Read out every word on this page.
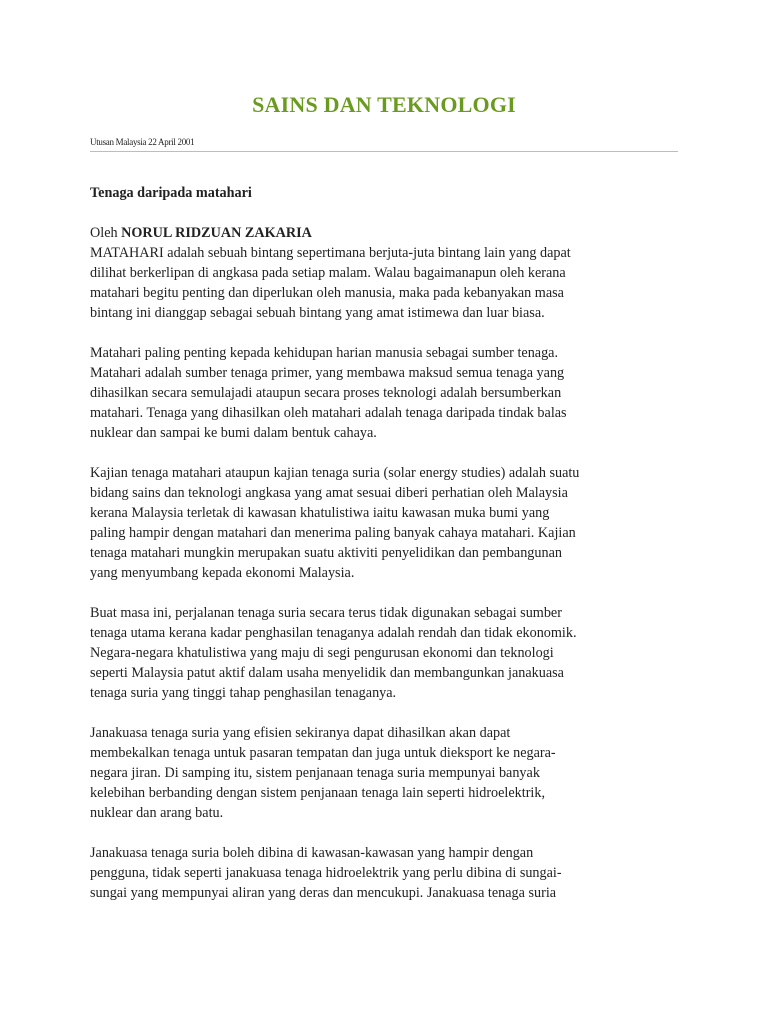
SAINS DAN TEKNOLOGI

Utusan Malaysia 22 April 2001

Tenaga daripada matahari

Oleh NORUL RIDZUAN ZAKARIA

MATAHARI adalah sebuah bintang sepertimana berjuta-juta bintang lain yang dapat
dilihat berkerlipan di angkasa pada setiap malam. Walau bagaimanapun oleh kerana
matahari begitu penting dan diperlukan oleh manusia, maka pada kebanyakan masa
bintang ini dianggap sebagai sebuah bintang yang amat istimewa dan luar biasa.

Matahari paling penting kepada kehidupan harian manusia sebagai sumber tenaga.
Matahari adalah sumber tenaga primer, yang membawa maksud semua tenaga yang
dihasilkan secara semulajadi ataupun secara proses teknologi adalah bersumberkan
matahari. Tenaga yang dihasilkan oleh matahari adalah tenaga daripada tindak balas
nuklear dan sampai ke bumi dalam bentuk cahaya.

Kajian tenaga matahari ataupun kajian tenaga suria (solar energy studies) adalah suatu
bidang sains dan teknologi angkasa yang amat sesuai diberi perhatian oleh Malaysia
kerana Malaysia terletak di kawasan khatulistiwa iaitu kawasan muka bumi yang
paling hampir dengan matahari dan menerima paling banyak cahaya matahari. Kajian
tenaga matahari mungkin merupakan suatu aktiviti penyelidikan dan pembangunan
yang menyumbang kepada ekonomi Malaysia.

Buat masa ini, perjalanan tenaga suria secara terus tidak digunakan sebagai sumber
tenaga utama kerana kadar penghasilan tenaganya adalah rendah dan tidak ekonomik.
Negara-negara khatulistiwa yang maju di segi pengurusan ekonomi dan teknologi
seperti Malaysia patut aktif dalam usaha menyelidik dan membangunkan janakuasa
tenaga suria yang tinggi tahap penghasilan tenaganya.

Janakuasa tenaga suria yang efisien sekiranya dapat dihasilkan akan dapat
membekalkan tenaga untuk pasaran tempatan dan juga untuk dieksport ke negara-
negara jiran. Di samping itu, sistem penjanaan tenaga suria mempunyai banyak
kelebihan berbanding dengan sistem penjanaan tenaga lain seperti hidroelektrik,
nuklear dan arang batu.

Janakuasa tenaga suria boleh dibina di kawasan-kawasan yang hampir dengan
pengguna, tidak seperti janakuasa tenaga hidroelektrik yang perlu dibina di sungai-
sungai yang mempunyai aliran yang deras dan mencukupi. Janakuasa tenaga suria
